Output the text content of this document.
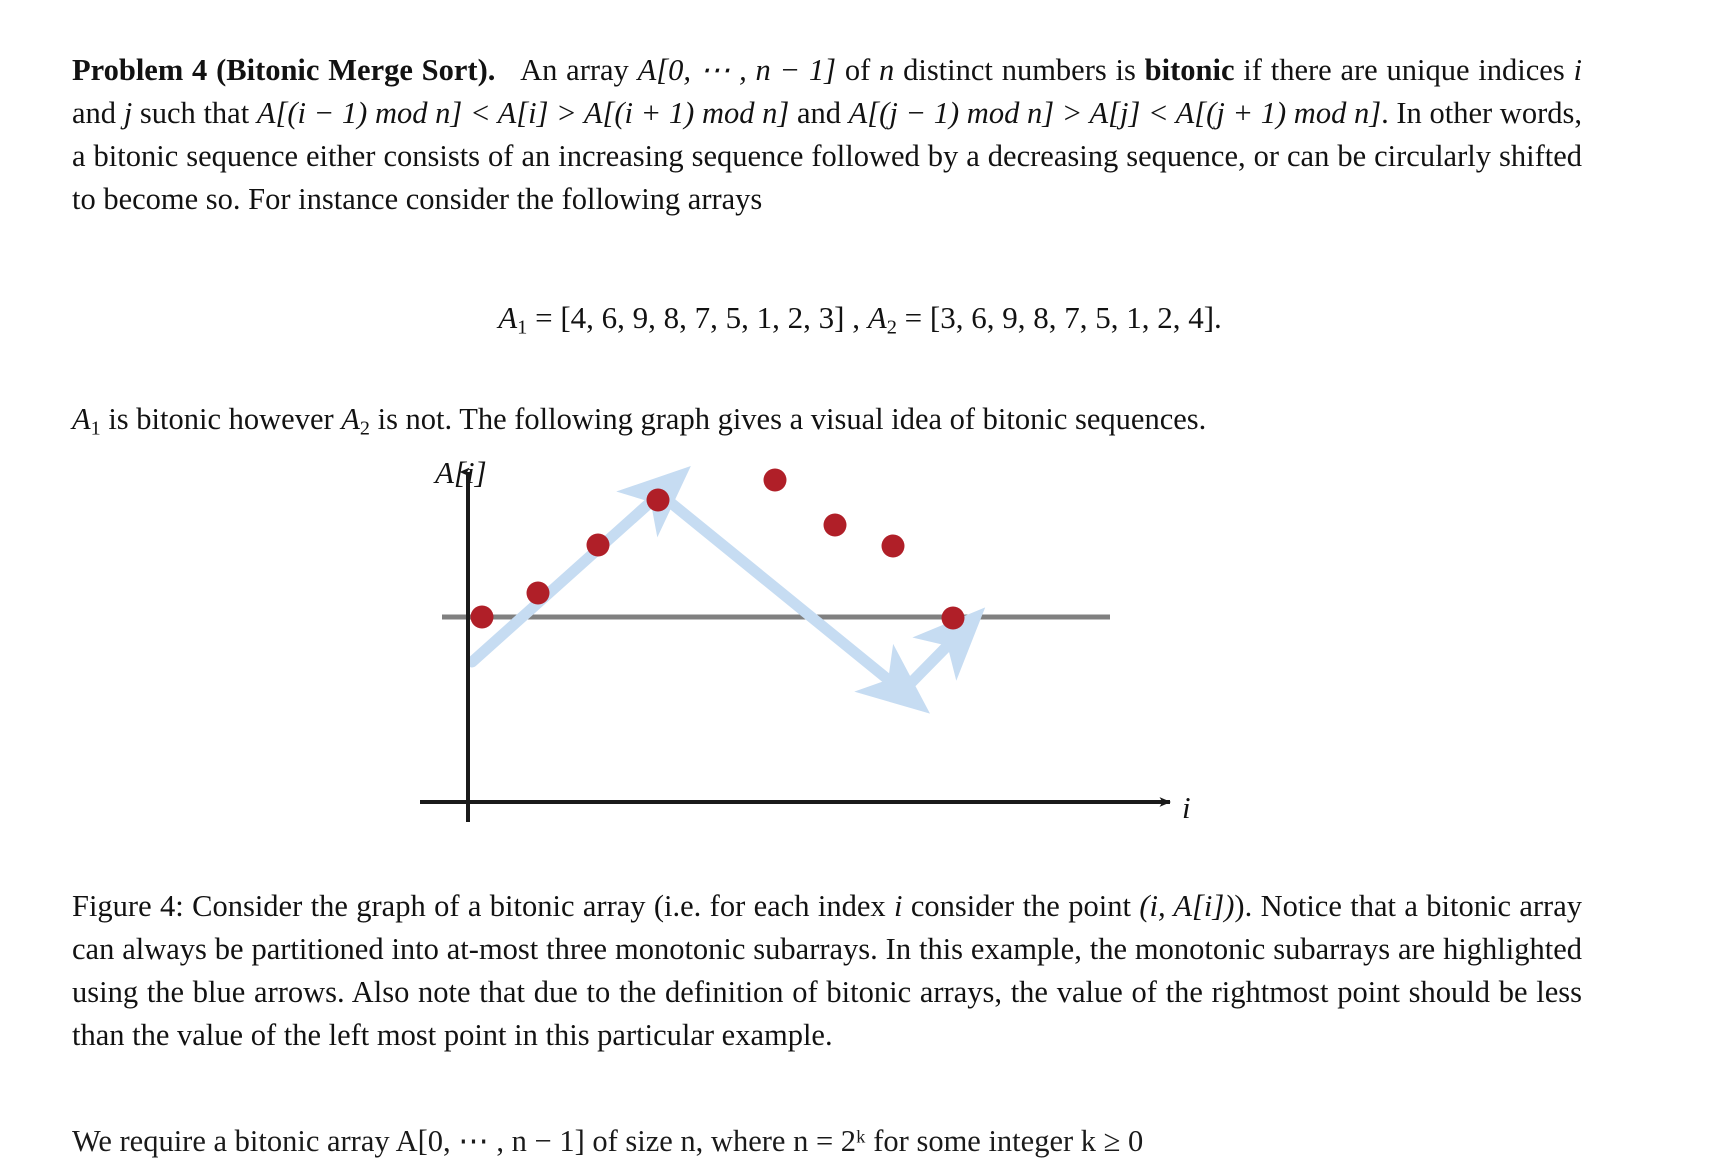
Problem 4 (Bitonic Merge Sort). An array A[0, ⋯ , n − 1] of n distinct numbers is bitonic if there are unique indices i and j such that A[(i − 1) mod n] < A[i] > A[(i + 1) mod n] and A[(j − 1) mod n] > A[j] < A[(j + 1) mod n]. In other words, a bitonic sequence either consists of an increasing sequence followed by a decreasing sequence, or can be circularly shifted to become so. For instance consider the following arrays
A1 = [4, 6, 9, 8, 7, 5, 1, 2, 3] , A2 = [3, 6, 9, 8, 7, 5, 1, 2, 4].
A1 is bitonic however A2 is not. The following graph gives a visual idea of bitonic sequences.
A[i]
i
Figure 4: Consider the graph of a bitonic array (i.e. for each index i consider the point (i, A[i])). Notice that a bitonic array can always be partitioned into at-most three monotonic subarrays. In this example, the monotonic subarrays are highlighted using the blue arrows. Also note that due to the definition of bitonic arrays, the value of the rightmost point should be less than the value of the left most point in this particular example.
We require a bitonic array A[0, ⋯ , n − 1] of size n, where n = 2ᵏ for some integer k ≥ 0
